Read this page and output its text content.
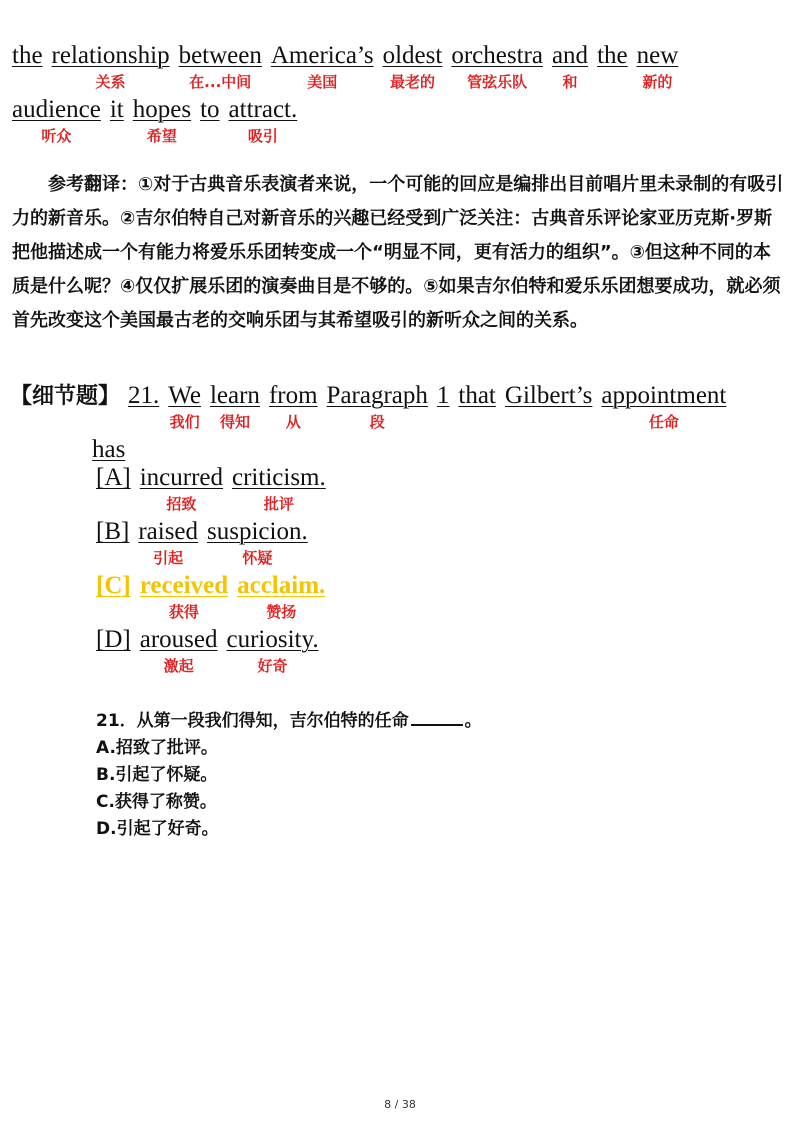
the relationship
关系
between
在...中间
America’s
美国
oldest
最老的
orchestra
管弦乐队
and
和
the new
新的
audience
听众
it hopes
希望
to attract.
吸引

参考翻译：①对于古典音乐表演者来说，一个可能的回应是编排出目前唱片里未录制的有吸引力的新音乐。②吉尔伯特自己对新音乐的兴趣已经受到广泛关注：古典音乐评论家亚历克斯·罗斯把他描述成一个有能力将爱乐乐团转变成一个“明显不同，更有活力的组织”。③但这种不同的本质是什么呢？④仅仅扩展乐团的演奏曲目是不够的。⑤如果吉尔伯特和爱乐乐团想要成功，就必须首先改变这个美国最古老的交响乐团与其希望吸引的新听众之间的关系。

【细节题】 21. We
我们
learn
得知
from
从
Paragraph
段
1 that Gilbert’s appointment
任命
has
[A] incurred
招致
criticism.
批评
[B] raised
引起
suspicion.
怀疑
[C] received
获得
acclaim.
赞扬
[D] aroused
激起
curiosity.
好奇
21．从第一段我们得知，吉尔伯特的任命	。
A.招致了批评。
B.引起了怀疑。
C.获得了称赞。
D.引起了好奇。
8 / 38
